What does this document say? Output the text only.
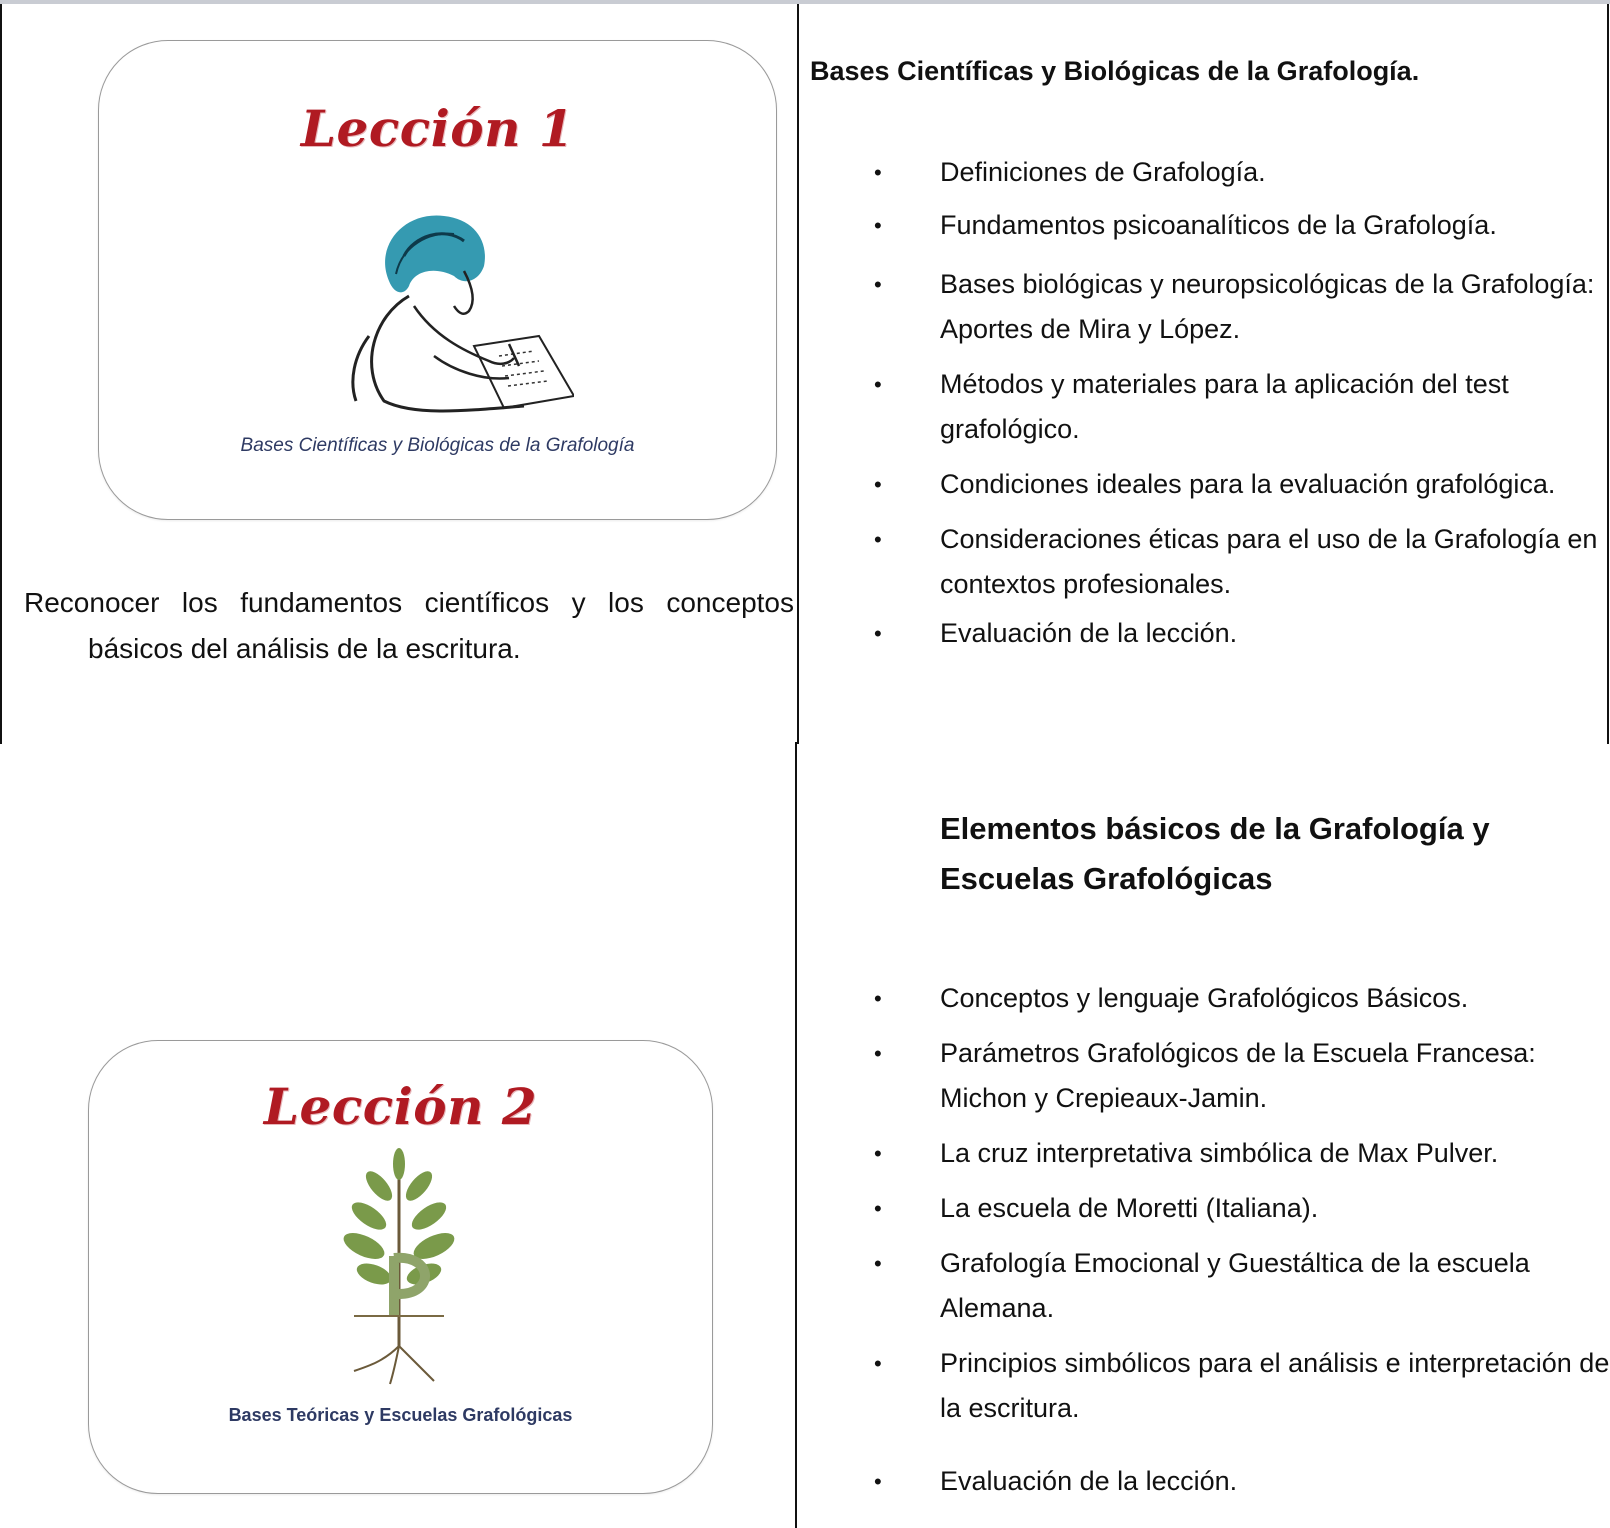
Lección 1
Bases Científicas y Biológicas de la Grafología
Reconocer los fundamentos científicos y los conceptos
básicos del análisis de la escritura.
Bases Científicas y Biológicas de la Grafología.
• Definiciones de Grafología.
• Fundamentos psicoanalíticos de la Grafología.
• Bases biológicas y neuropsicológicas de la Grafología: Aportes de Mira y López.
• Métodos y materiales para la aplicación del test grafológico.
• Condiciones ideales para la evaluación grafológica.
• Consideraciones éticas para el uso de la Grafología en contextos profesionales.
• Evaluación de la lección.
Elementos básicos de la Grafología y Escuelas Grafológicas
• Conceptos y lenguaje Grafológicos Básicos.
• Parámetros Grafológicos de la Escuela Francesa: Michon y Crepieaux-Jamin.
• La cruz interpretativa simbólica de Max Pulver.
• La escuela de Moretti (Italiana).
• Grafología Emocional y Guestáltica de la escuela Alemana.
• Principios simbólicos para el análisis e interpretación de la escritura.
• Evaluación de la lección.
Lección 2
Bases Teóricas y Escuelas Grafológicas
